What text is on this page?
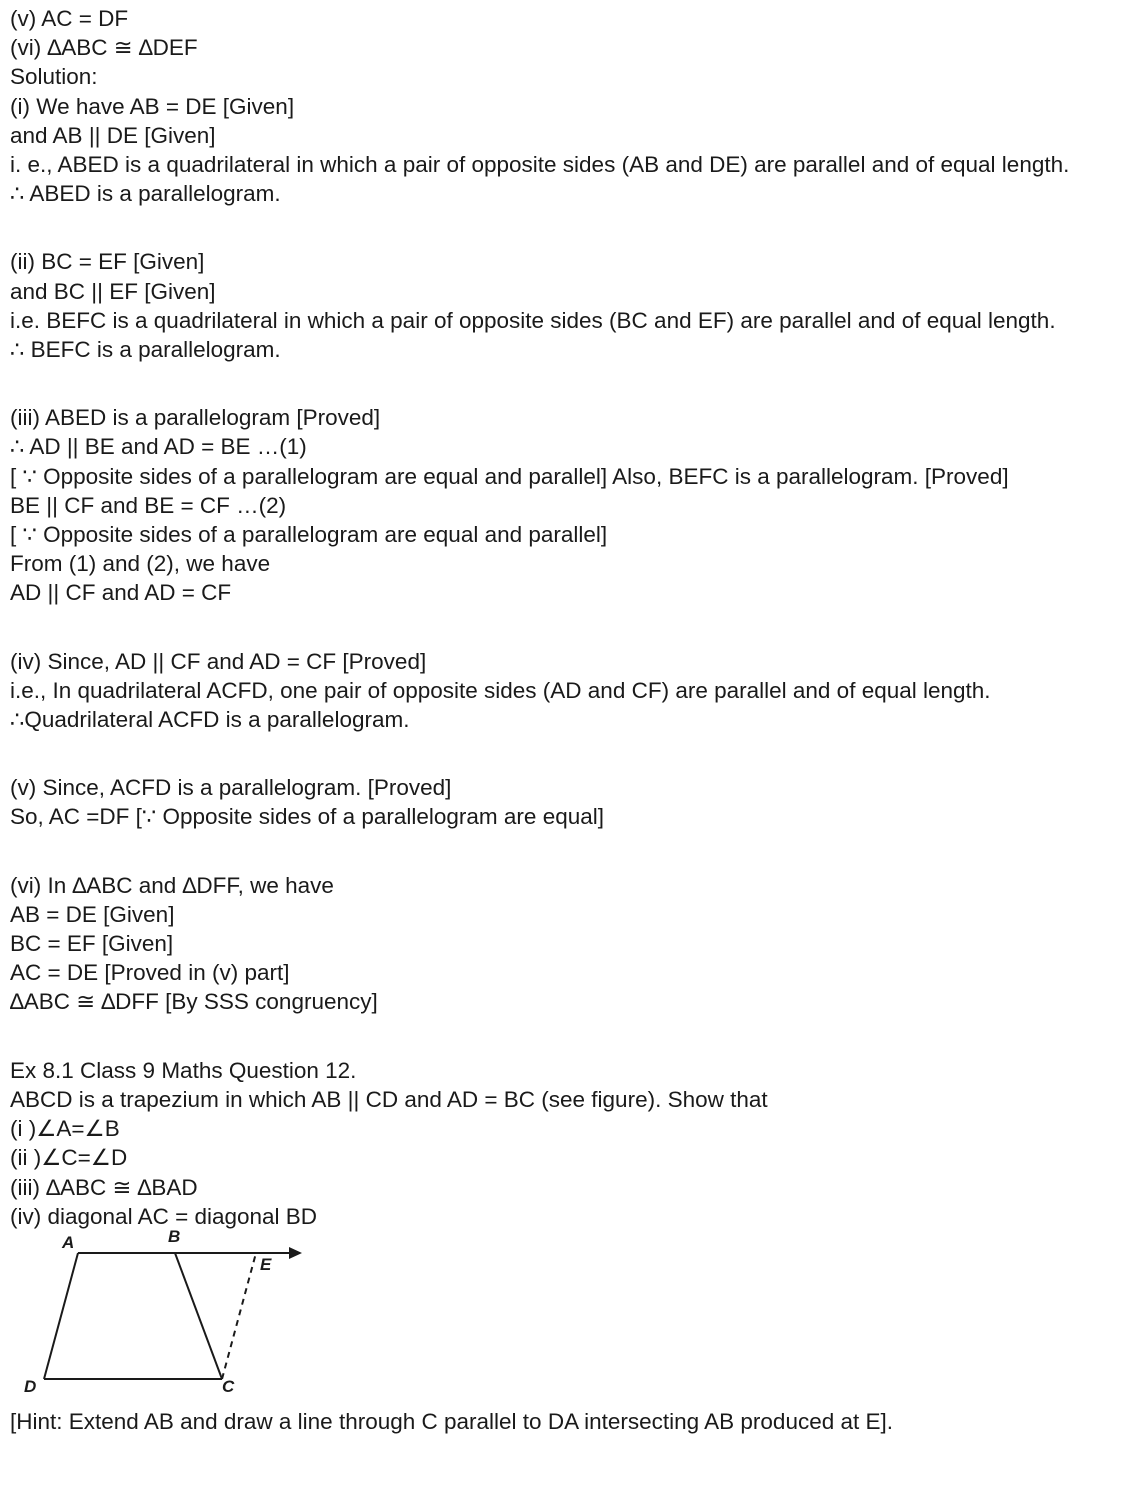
(v) AC = DF
(vi) ∆ABC ≅ ∆DEF
Solution:
(i) We have AB = DE [Given]
and AB || DE [Given]
i. e., ABED is a quadrilateral in which a pair of opposite sides (AB and DE) are parallel and of equal length.
∴ ABED is a parallelogram.
(ii) BC = EF [Given]
and BC || EF [Given]
i.e. BEFC is a quadrilateral in which a pair of opposite sides (BC and EF) are parallel and of equal length.
∴ BEFC is a parallelogram.
(iii) ABED is a parallelogram [Proved]
∴ AD || BE and AD = BE …(1)
[ ∵ Opposite sides of a parallelogram are equal and parallel] Also, BEFC is a parallelogram. [Proved]
BE || CF and BE = CF …(2)
[ ∵ Opposite sides of a parallelogram are equal and parallel]
From (1) and (2), we have
AD || CF and AD = CF
(iv) Since, AD || CF and AD = CF [Proved]
i.e., In quadrilateral ACFD, one pair of opposite sides (AD and CF) are parallel and of equal length.
∴Quadrilateral ACFD is a parallelogram.
(v) Since, ACFD is a parallelogram. [Proved]
So, AC =DF [∵ Opposite sides of a parallelogram are equal]
(vi) In ∆ABC and ∆DFF, we have
AB = DE [Given]
BC = EF [Given]
AC = DE [Proved in (v) part]
∆ABC ≅ ∆DFF [By SSS congruency]
Ex 8.1 Class 9 Maths Question 12.
ABCD is a trapezium in which AB || CD and AD = BC (see figure). Show that
(i )∠A=∠B
(ii )∠C=∠D
(iii) ∆ABC ≅ ∆BAD
(iv) diagonal AC = diagonal BD
A	B
E
D	C
[Hint: Extend AB and draw a line through C parallel to DA intersecting AB produced at E].
